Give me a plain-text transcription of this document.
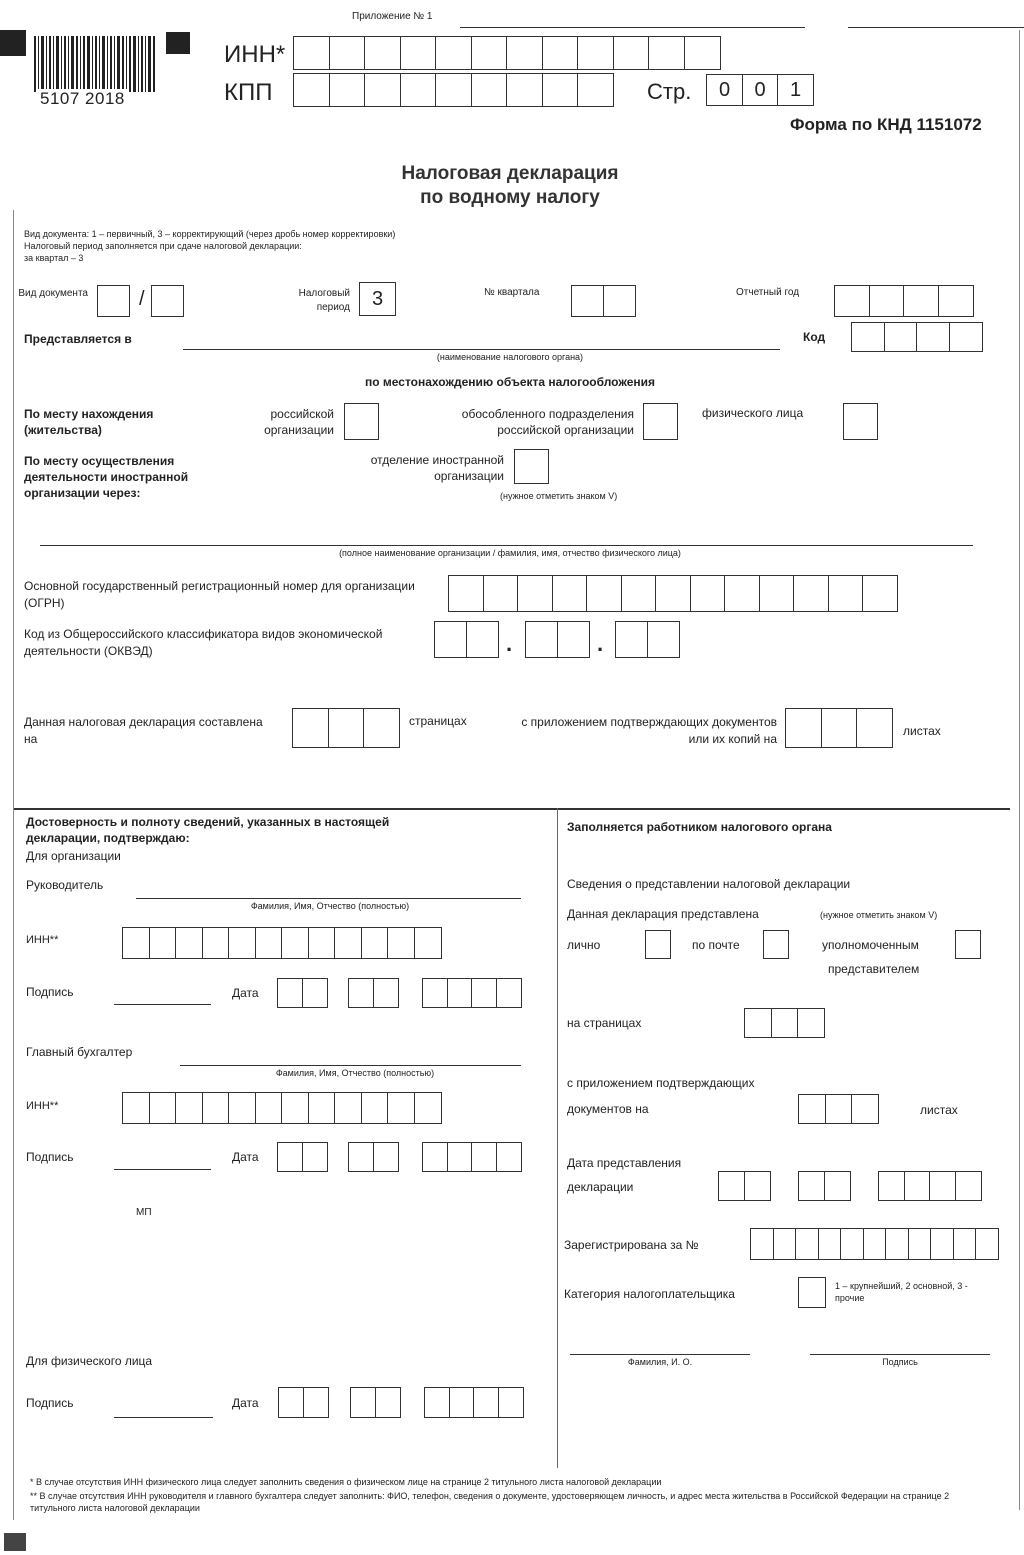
Приложение № 1
5107 2018
ИНН*
КПП	Стр.	0	0	1
Форма по КНД 1151072
Налоговая декларация
по водному налогу
Вид документа: 1 – первичный, 3 – корректирующий (через дробь номер корректировки)
Налоговый период заполняется при сдаче налоговой декларации:
за квартал – 3
Вид документа	/	Налоговый период	3	№ квартала	Отчетный год
Представляется в
(наименование налогового органа)
Код
по местонахождению объекта налогообложения
По месту нахождения (жительства)
российской организации
обособленного подразделения российской организации
физического лица
По месту осуществления деятельности иностранной организации через:
отделение иностранной организации
(нужное отметить знаком V)
(полное наименование организации / фамилия, имя, отчество физического лица)
Основной государственный регистрационный номер для организации (ОГРН)
Код из Общероссийского классификатора видов экономической деятельности (ОКВЭД)	·	·
Данная налоговая декларация составлена на
страницах	с приложением подтверждающих документов или их копий на
листах
Достоверность и полноту сведений, указанных в настоящей декларации, подтверждаю:
Для организации
Руководитель
Фамилия, Имя, Отчество (полностью)
ИНН**
Подпись	Дата
Главный бухгалтер
Фамилия, Имя, Отчество (полностью)
ИНН**
Подпись	Дата
МП
Для физического лица
Подпись	Дата
Заполняется работником налогового органа
Сведения о представлении налоговой декларации
Данная декларация представлена	(нужное отметить знаком V)
лично	по почте	уполномоченным
представителем
на страницах
с приложением подтверждающих
документов на	листах
Дата представления
декларации
Зарегистрирована за №
Категория налогоплательщика
1 – крупнейший, 2 основной, 3 - прочие
Фамилия, И. О.	Подпись
* В случае отсутствия ИНН физического лица следует заполнить сведения о физическом лице на странице 2 титульного листа налоговой декларации
** В случае отсутствия ИНН руководителя и главного бухгалтера следует заполнить: ФИО, телефон, сведения о документе, удостоверяющем личность, и адрес места жительства в Российской Федерации на странице 2 титульного листа налоговой декларации
